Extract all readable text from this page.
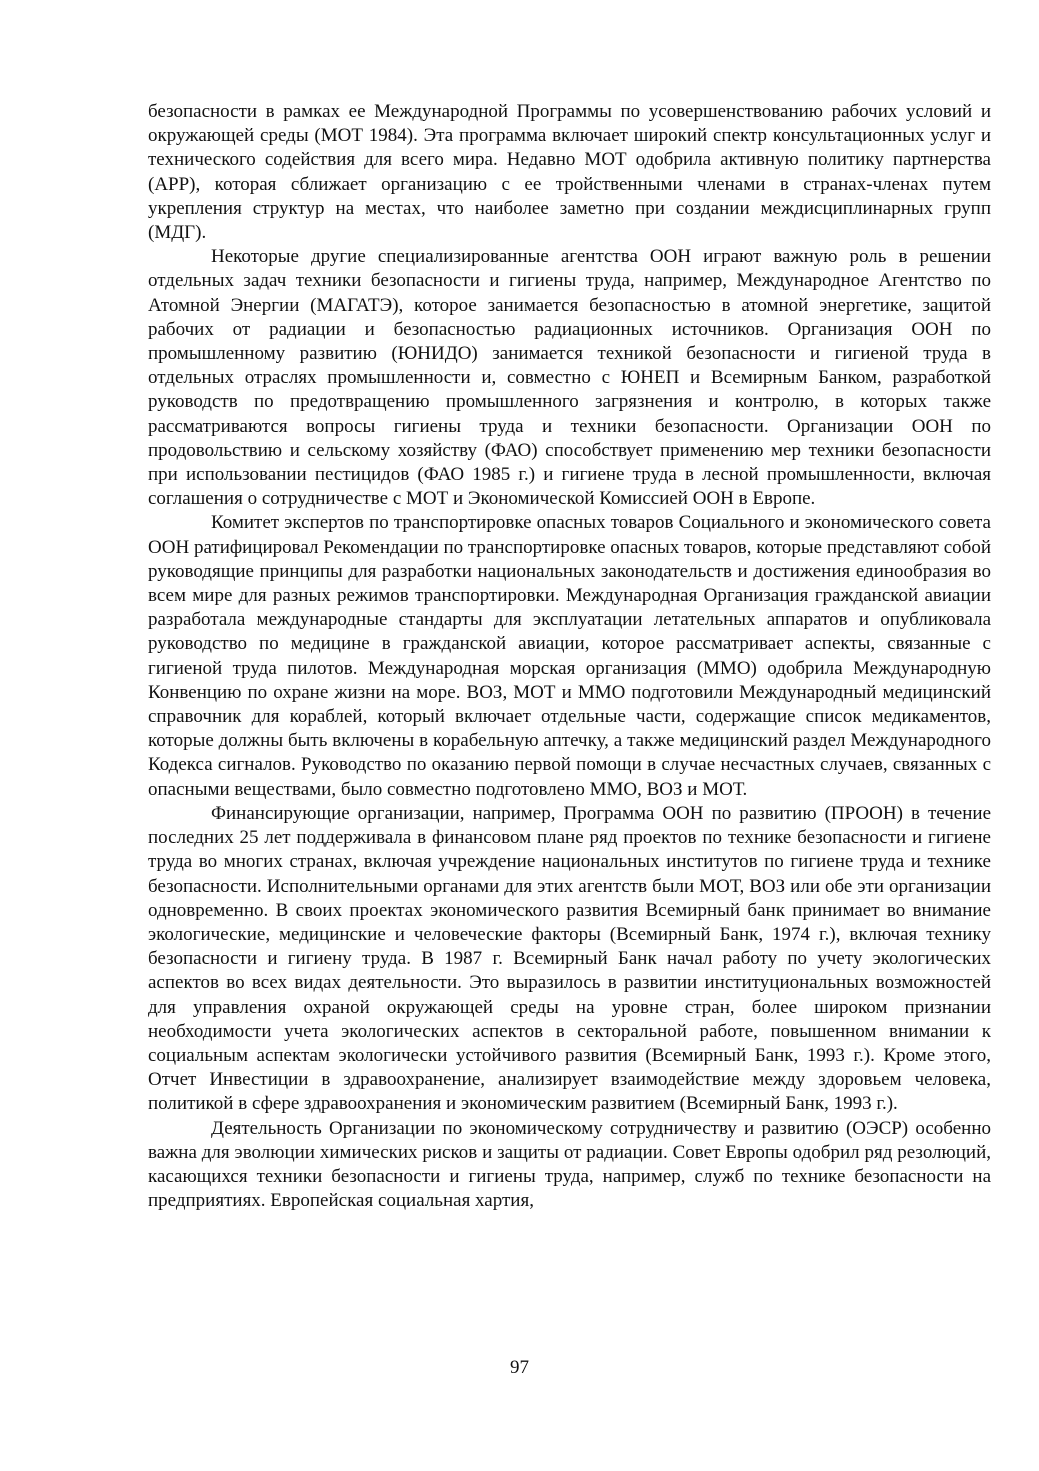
безопасности в рамках ее Международной Программы по усовершенствованию рабочих условий и окружающей среды (МОТ 1984). Эта программа включает широкий спектр консультационных услуг и технического содействия для всего мира. Недавно МОТ одобрила активную политику партнерства (APP), которая сближает организацию с ее тройственными членами в странах-членах путем укрепления структур на местах, что наиболее заметно при создании междисциплинарных групп (МДГ).

Некоторые другие специализированные агентства ООН играют важную роль в решении отдельных задач техники безопасности и гигиены труда, например, Международное Агентство по Атомной Энергии (МАГАТЭ), которое занимается безопасностью в атомной энергетике, защитой рабочих от радиации и безопасностью радиационных источников. Организация ООН по промышленному развитию (ЮНИДО) занимается техникой безопасности и гигиеной труда в отдельных отраслях промышленности и, совместно с ЮНЕП и Всемирным Банком, разработкой руководств по предотвращению промышленного загрязнения и контролю, в которых также рассматриваются вопросы гигиены труда и техники безопасности. Организации ООН по продовольствию и сельскому хозяйству (ФАО) способствует применению мер техники безопасности при использовании пестицидов (ФАО 1985 г.) и гигиене труда в лесной промышленности, включая соглашения о сотрудничестве с МОТ и Экономической Комиссией ООН в Европе.

Комитет экспертов по транспортировке опасных товаров Социального и экономического совета ООН ратифицировал Рекомендации по транспортировке опасных товаров, которые представляют собой руководящие принципы для разработки национальных законодательств и достижения единообразия во всем мире для разных режимов транспортировки. Международная Организация гражданской авиации разработала международные стандарты для эксплуатации летательных аппаратов и опубликовала руководство по медицине в гражданской авиации, которое рассматривает аспекты, связанные с гигиеной труда пилотов. Международная морская организация (ММО) одобрила Международную Конвенцию по охране жизни на море. ВОЗ, МОТ и ММО подготовили Международный медицинский справочник для кораблей, который включает отдельные части, содержащие список медикаментов, которые должны быть включены в корабельную аптечку, а также медицинский раздел Международного Кодекса сигналов. Руководство по оказанию первой помощи в случае несчастных случаев, связанных с опасными веществами, было совместно подготовлено ММО, ВОЗ и МОТ.

Финансирующие организации, например, Программа ООН по развитию (ПРООН) в течение последних 25 лет поддерживала в финансовом плане ряд проектов по технике безопасности и гигиене труда во многих странах, включая учреждение национальных институтов по гигиене труда и технике безопасности. Исполнительными органами для этих агентств были МОТ, ВОЗ или обе эти организации одновременно. В своих проектах экономического развития Всемирный банк принимает во внимание экологические, медицинские и человеческие факторы (Всемирный Банк, 1974 г.), включая технику безопасности и гигиену труда. В 1987 г. Всемирный Банк начал работу по учету экологических аспектов во всех видах деятельности. Это выразилось в развитии институциональных возможностей для управления охраной окружающей среды на уровне стран, более широком признании необходимости учета экологических аспектов в секторальной работе, повышенном внимании к социальным аспектам экологически устойчивого развития (Всемирный Банк, 1993 г.). Кроме этого, Отчет Инвестиции в здравоохранение, анализирует взаимодействие между здоровьем человека, политикой в сфере здравоохранения и экономическим развитием (Всемирный Банк, 1993 г.).

Деятельность Организации по экономическому сотрудничеству и развитию (ОЭСР) особенно важна для эволюции химических рисков и защиты от радиации. Совет Европы одобрил ряд резолюций, касающихся техники безопасности и гигиены труда, например, служб по технике безопасности на предприятиях. Европейская социальная хартия,

97
